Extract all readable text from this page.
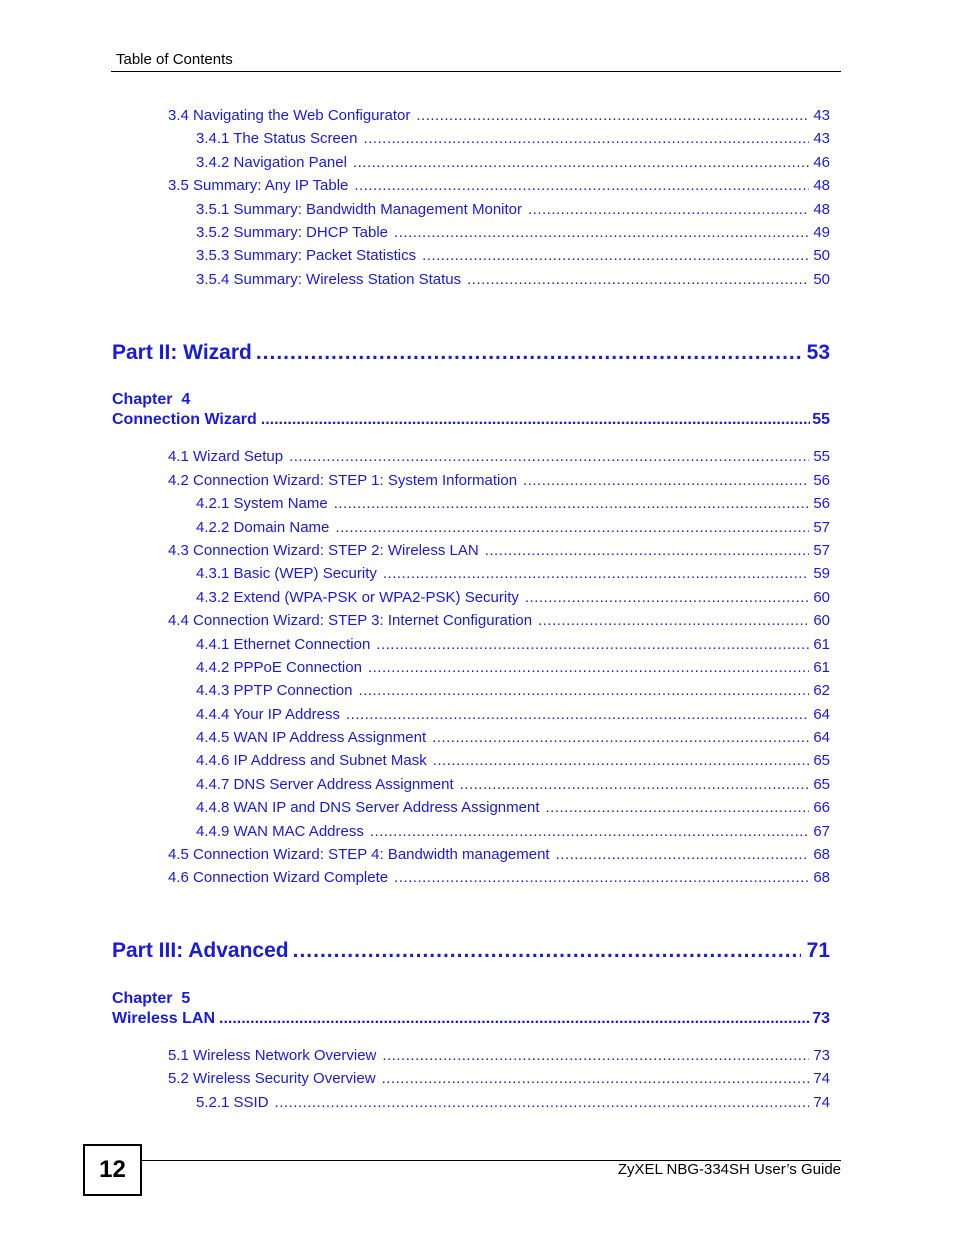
Table of Contents
3.4 Navigating the Web Configurator .....	43
3.4.1 The Status Screen .....	43
3.4.2 Navigation Panel .....	46
3.5 Summary: Any IP Table .....	48
3.5.1 Summary: Bandwidth Management Monitor .....	48
3.5.2 Summary: DHCP Table .....	49
3.5.3 Summary: Packet Statistics .....	50
3.5.4 Summary: Wireless Station Status .....	50
Part II: Wizard .....	53
Chapter  4
Connection Wizard .....	55
4.1 Wizard Setup .....	55
4.2 Connection Wizard: STEP 1: System Information .....	56
4.2.1 System Name .....	56
4.2.2 Domain Name .....	57
4.3 Connection Wizard: STEP 2: Wireless LAN .....	57
4.3.1 Basic (WEP) Security .....	59
4.3.2 Extend (WPA-PSK or WPA2-PSK) Security .....	60
4.4 Connection Wizard: STEP 3: Internet Configuration .....	60
4.4.1 Ethernet Connection .....	61
4.4.2 PPPoE Connection .....	61
4.4.3 PPTP Connection .....	62
4.4.4 Your IP Address .....	64
4.4.5 WAN IP Address Assignment .....	64
4.4.6 IP Address and Subnet Mask .....	65
4.4.7 DNS Server Address Assignment .....	65
4.4.8 WAN IP and DNS Server Address Assignment .....	66
4.4.9 WAN MAC Address .....	67
4.5 Connection Wizard: STEP 4: Bandwidth management .....	68
4.6 Connection Wizard Complete .....	68
Part III: Advanced .....	71
Chapter  5
Wireless LAN .....	73
5.1 Wireless Network Overview .....	73
5.2 Wireless Security Overview .....	74
5.2.1 SSID .....	74
12	ZyXEL NBG-334SH User’s Guide
